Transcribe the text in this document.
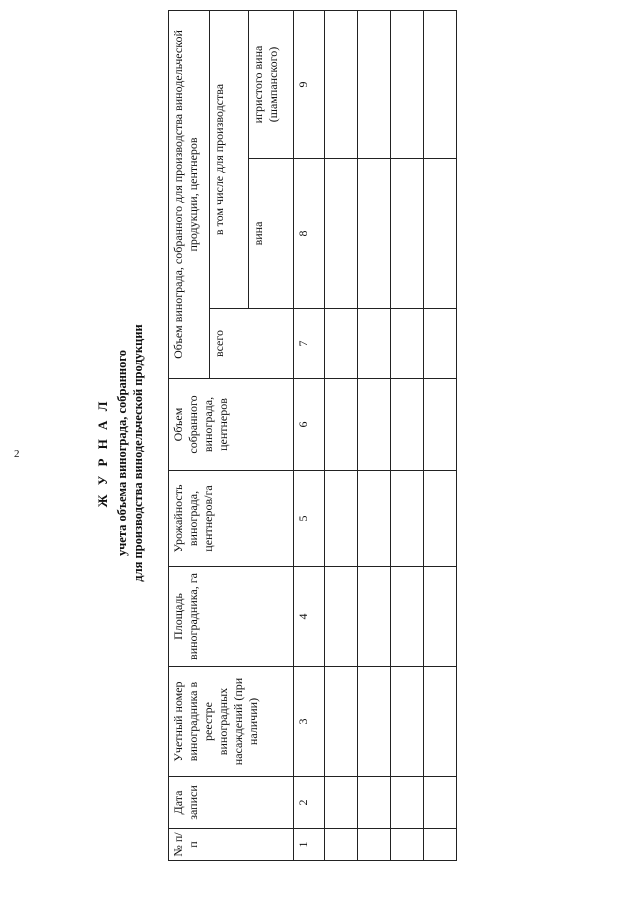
2	Ж У Р Н А Л учета объема винограда, собранного для производства винодельческой продукции
№ п/п	Дата записи	Учетный номер виноградника в реестре виноградных насаждений (при наличии)	Площадь виноградника, га	Урожайность винограда, центнеров/га	Объем собранного винограда, центнеров	Объем винограда, собранного для производства винодельческой продукции, центнеров		
						всего	в том числе для производства	
							вина	игристого вина (шампанского)
1	2	3	4	5	6	7	8	9
